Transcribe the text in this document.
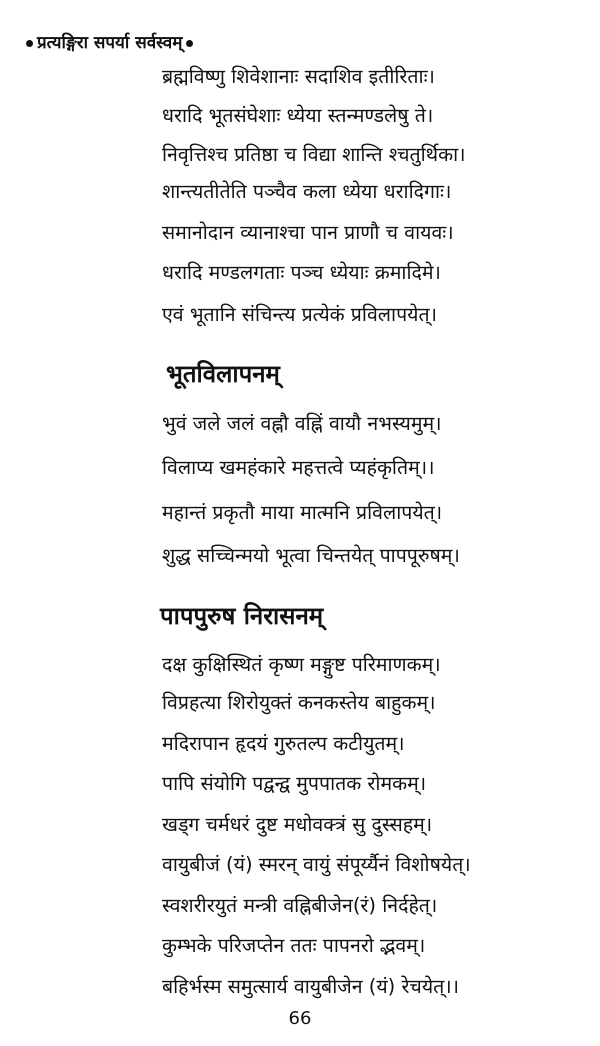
प्रत्यङ्गिरा सपर्या सर्वस्वम्
ब्रह्मविष्णु शिवेशानाः सदाशिव इतीरिताः।
धरादि भूतसंघेशाः ध्येया स्तन्मण्डलेषु ते।
निवृत्तिश्च प्रतिष्ठा च विद्या शान्ति श्चतुर्थिका।
शान्त्यतीतेति पञ्चैव कला ध्येया धरादिगाः।
समानोदान व्यानाश्चा पान प्राणौ च वायवः।
धरादि मण्डलगताः पञ्च ध्येयाः क्रमादिमे।
एवं भूतानि संचिन्त्य प्रत्येकं प्रविलापयेत्।
भूतविलापनम्
भुवं जले जलं वह्नौ वह्निं वायौ नभस्यमुम्।
विलाप्य खमहंकारे महत्तत्वे प्यहंकृतिम्।।
महान्तं प्रकृतौ माया मात्मनि प्रविलापयेत्।
शुद्ध सच्चिन्मयो भूत्वा चिन्तयेत् पापपूरुषम्।
पापपुरुष निरासनम्
दक्ष कुक्षिस्थितं कृष्ण मङ्गुष्ट परिमाणकम्।
विप्रहत्या शिरोयुक्तं कनकस्तेय बाहुकम्।
मदिरापान हृदयं गुरुतल्प कटीयुतम्।
पापि संयोगि पद्वन्द्व मुपपातक रोमकम्।
खड्ग चर्मधरं दुष्ट मधोवक्त्रं सु दुस्सहम्।
वायुबीजं (यं) स्मरन् वायुं संपूर्य्यैनं विशोषयेत्।
स्वशरीरयुतं मन्त्री वह्निबीजेन(रं) निर्दहेत्।
कुम्भके परिजप्तेन ततः पापनरो द्भवम्।
बहिर्भस्म समुत्सार्य वायुबीजेन (यं) रेचयेत्।।
66
